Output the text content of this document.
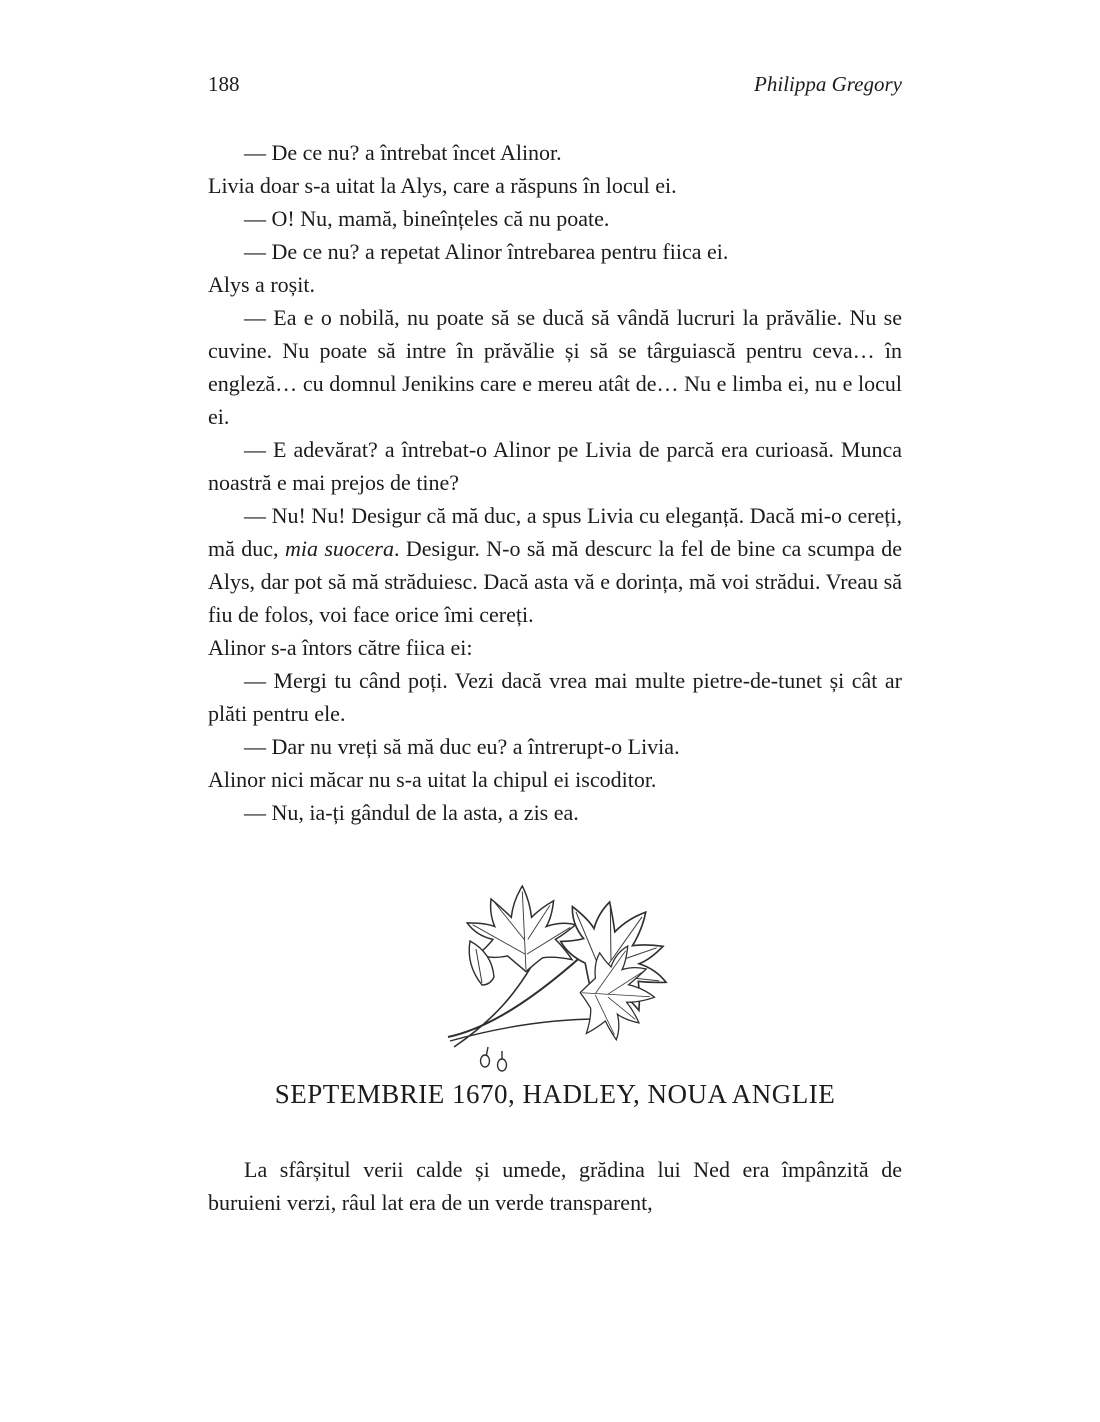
188	Philippa Gregory

— De ce nu? a întrebat încet Alinor.

Livia doar s-a uitat la Alys, care a răspuns în locul ei.

— O! Nu, mamă, bineînțeles că nu poate.

— De ce nu? a repetat Alinor întrebarea pentru fiica ei.

Alys a roșit.

— Ea e o nobilă, nu poate să se ducă să vândă lucruri la prăvălie. Nu se cuvine. Nu poate să intre în prăvălie și să se târguiască pentru ceva… în engleză… cu domnul Jenikins care e mereu atât de… Nu e limba ei, nu e locul ei.

— E adevărat? a întrebat-o Alinor pe Livia de parcă era curioasă. Munca noastră e mai prejos de tine?

— Nu! Nu! Desigur că mă duc, a spus Livia cu eleganță. Dacă mi-o cereți, mă duc, mia suocera. Desigur. N-o să mă descurc la fel de bine ca scumpa de Alys, dar pot să mă străduiesc. Dacă asta vă e dorința, mă voi strădui. Vreau să fiu de folos, voi face orice îmi cereți.

Alinor s-a întors către fiica ei:

— Mergi tu când poți. Vezi dacă vrea mai multe pietre-de-tunet și cât ar plăti pentru ele.

— Dar nu vreți să mă duc eu? a întrerupt-o Livia.

Alinor nici măcar nu s-a uitat la chipul ei iscoditor.

— Nu, ia-ți gândul de la asta, a zis ea.

SEPTEMBRIE 1670, HADLEY, NOUA ANGLIE

La sfârșitul verii calde și umede, grădina lui Ned era împânzită de buruieni verzi, râul lat era de un verde transparent,
